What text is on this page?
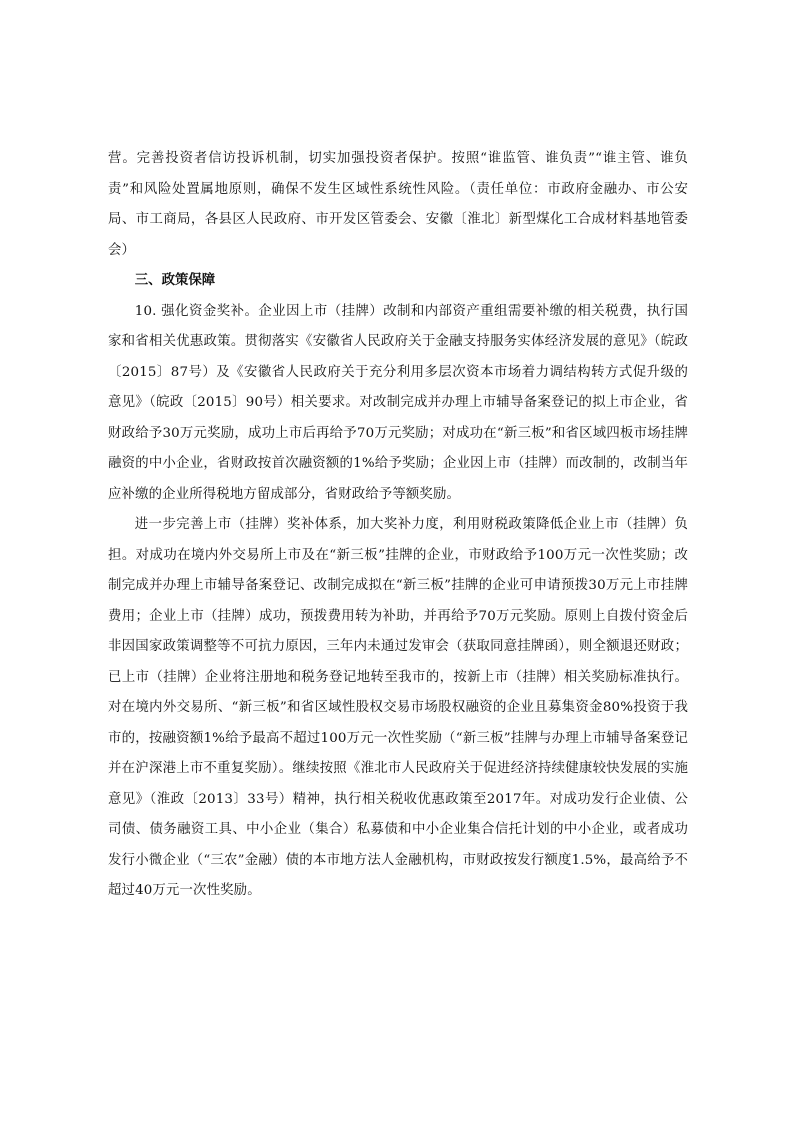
营。完善投资者信访投诉机制，切实加强投资者保护。按照“谁监管、谁负责”“谁主管、谁负责”和风险处置属地原则，确保不发生区域性系统性风险。（责任单位：市政府金融办、市公安局、市工商局，各县区人民政府、市开发区管委会、安徽〔淮北〕新型煤化工合成材料基地管委会）

三、政策保障

10. 强化资金奖补。企业因上市（挂牌）改制和内部资产重组需要补缴的相关税费，执行国家和省相关优惠政策。贯彻落实《安徽省人民政府关于金融支持服务实体经济发展的意见》（皖政〔2015〕87号）及《安徽省人民政府关于充分利用多层次资本市场着力调结构转方式促升级的意见》（皖政〔2015〕90号）相关要求。对改制完成并办理上市辅导备案登记的拟上市企业，省财政给予30万元奖励，成功上市后再给予70万元奖励；对成功在“新三板”和省区域四板市场挂牌融资的中小企业，省财政按首次融资额的1%给予奖励；企业因上市（挂牌）而改制的，改制当年应补缴的企业所得税地方留成部分，省财政给予等额奖励。

进一步完善上市（挂牌）奖补体系，加大奖补力度，利用财税政策降低企业上市（挂牌）负担。对成功在境内外交易所上市及在“新三板”挂牌的企业，市财政给予100万元一次性奖励；改制完成并办理上市辅导备案登记、改制完成拟在“新三板”挂牌的企业可申请预拨30万元上市挂牌费用；企业上市（挂牌）成功，预拨费用转为补助，并再给予70万元奖励。原则上自拨付资金后非因国家政策调整等不可抗力原因，三年内未通过发审会（获取同意挂牌函），则全额退还财政；已上市（挂牌）企业将注册地和税务登记地转至我市的，按新上市（挂牌）相关奖励标准执行。对在境内外交易所、“新三板”和省区域性股权交易市场股权融资的企业且募集资金80%投资于我市的，按融资额1%给予最高不超过100万元一次性奖励（“新三板”挂牌与办理上市辅导备案登记并在沪深港上市不重复奖励）。继续按照《淮北市人民政府关于促进经济持续健康较快发展的实施意见》（淮政〔2013〕33号）精神，执行相关税收优惠政策至2017年。对成功发行企业债、公司债、债务融资工具、中小企业（集合）私募债和中小企业集合信托计划的中小企业，或者成功发行小微企业（“三农”金融）债的本市地方法人金融机构，市财政按发行额度1.5%，最高给予不超过40万元一次性奖励。
